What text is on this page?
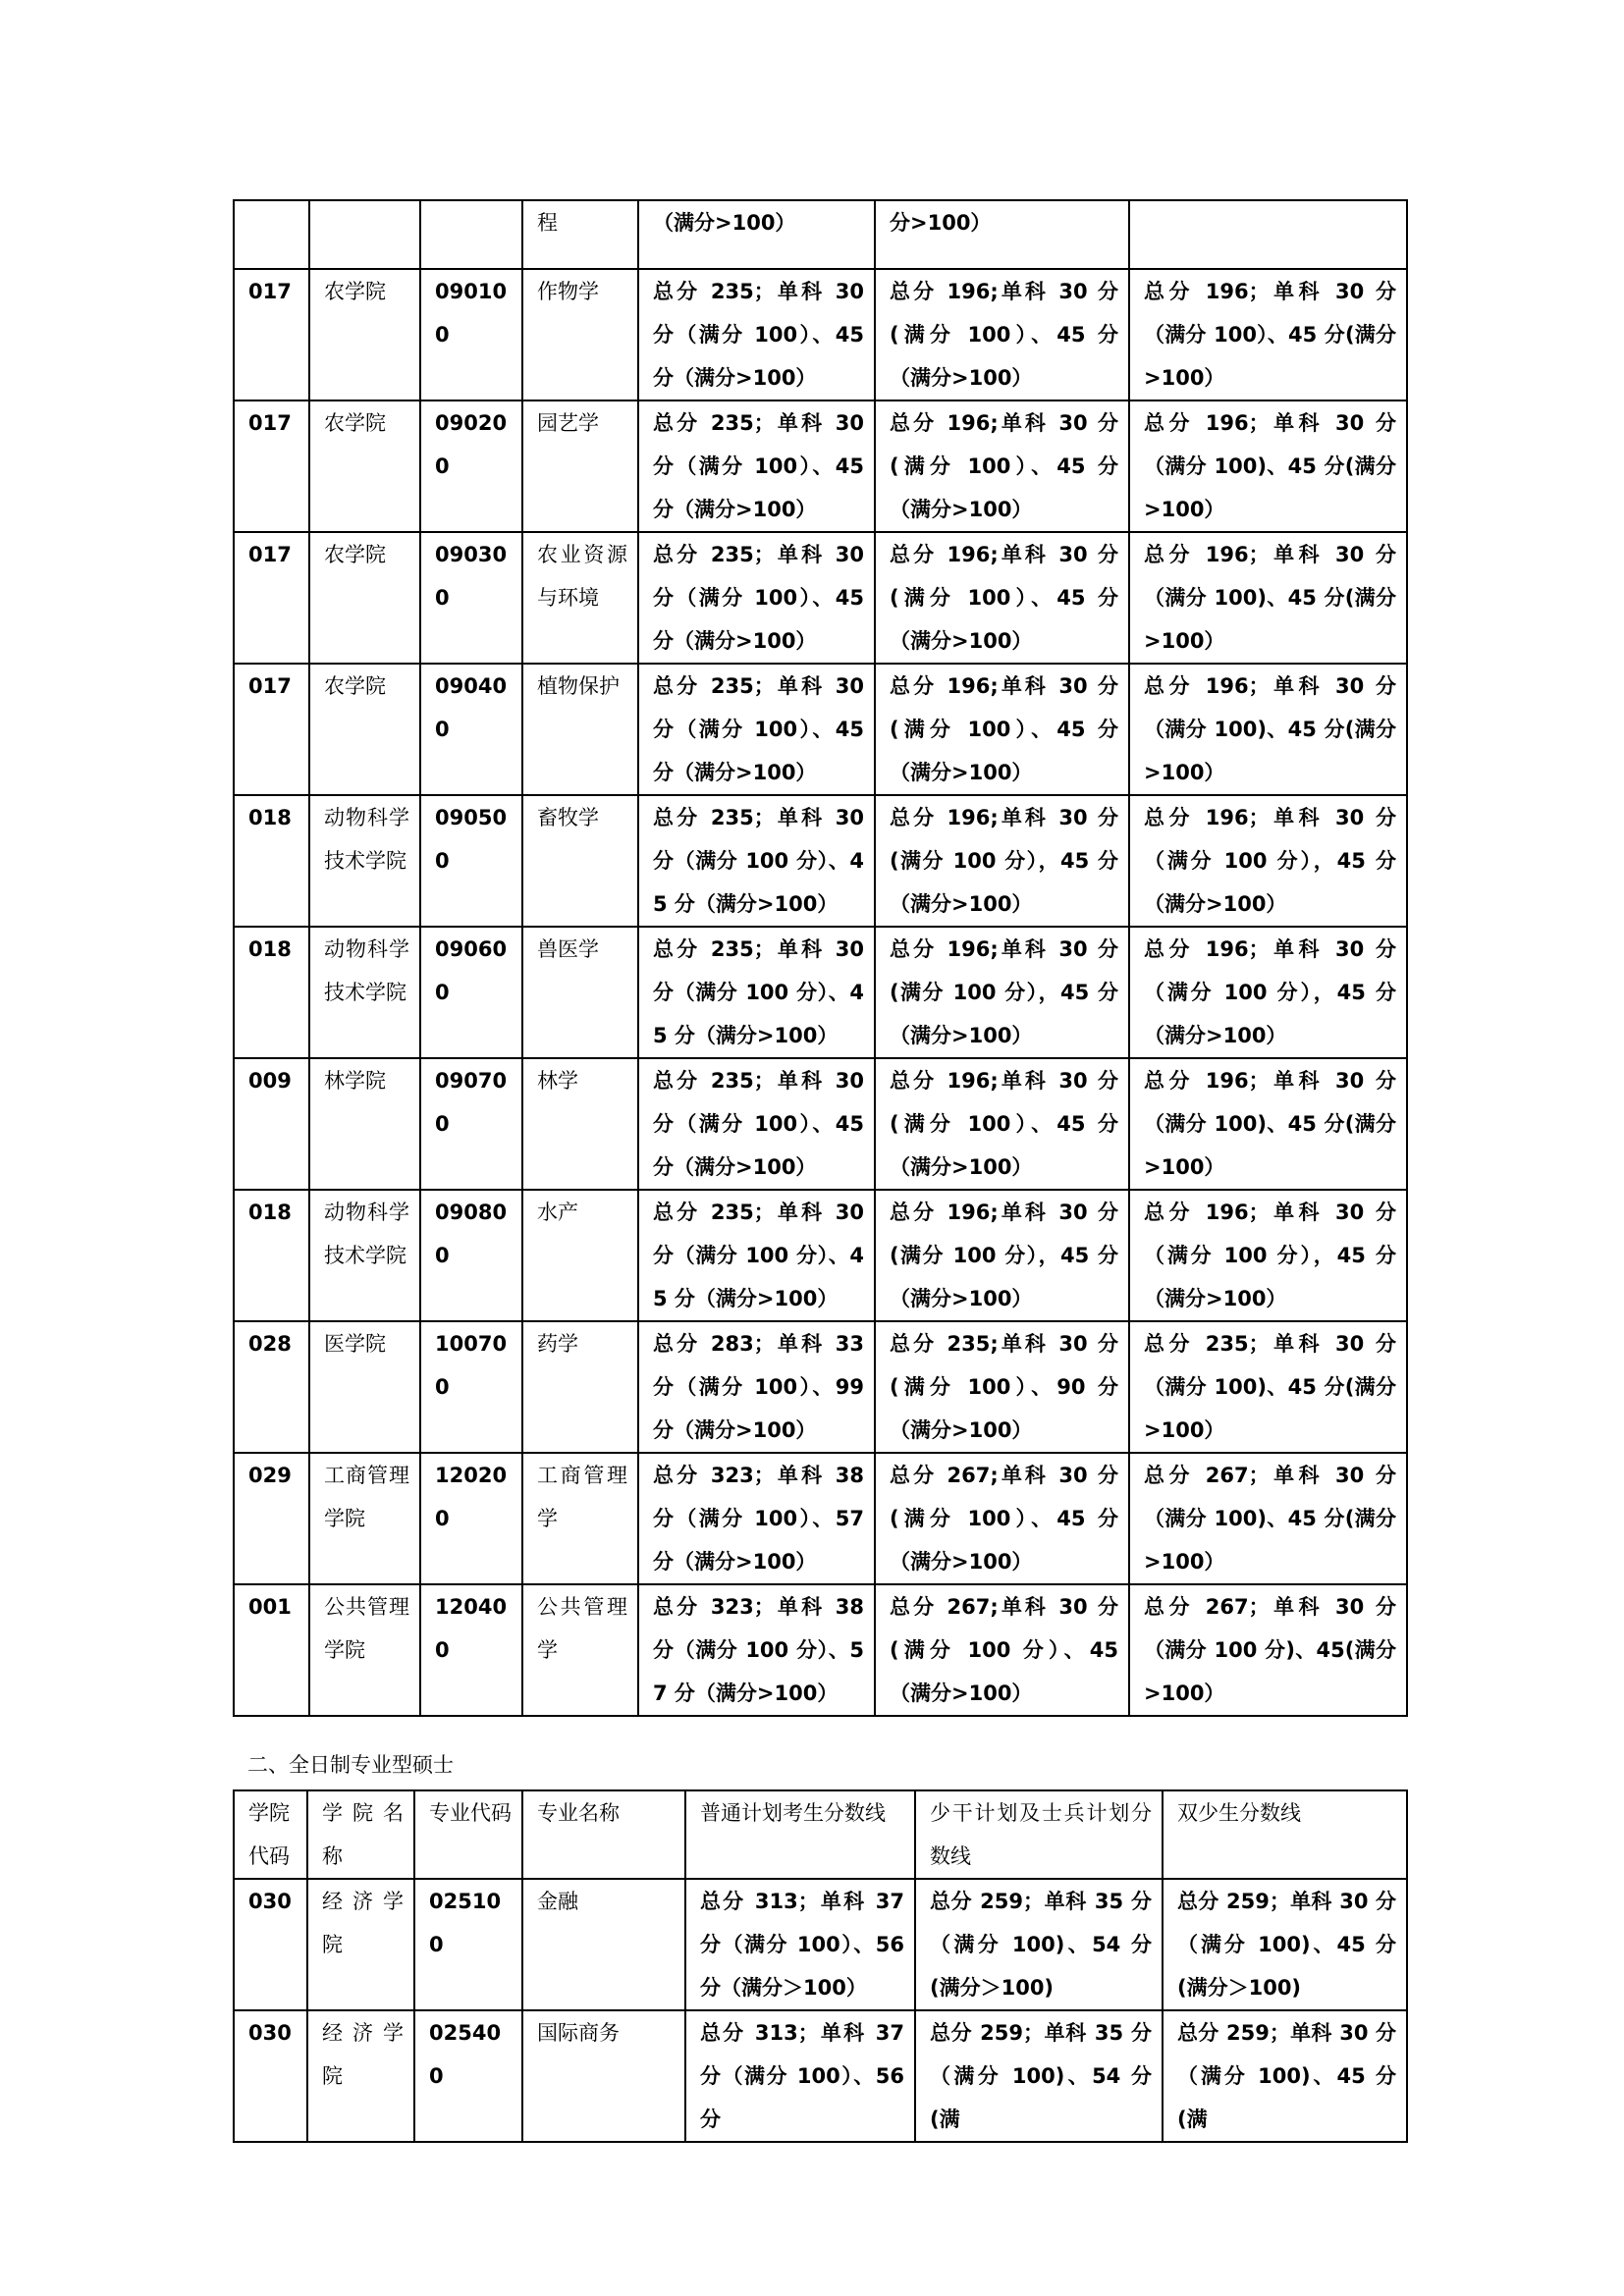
			程	（满分>100）	分>100）	
017	农学院	090100	作物学	总分 235；单科 30 分（满分 100）、45 分（满分>100）	总分 196;单科 30 分(满分 100）、45 分（满分>100）	总分 196；单科 30 分（满分 100）、45 分(满分>100）
017	农学院	090200	园艺学	总分 235；单科 30 分（满分 100）、45 分（满分>100）	总分 196;单科 30 分(满分 100）、45 分（满分>100）	总分 196；单科 30 分（满分 100)、45 分(满分>100）
017	农学院	090300	农业资源与环境	总分 235；单科 30 分（满分 100）、45 分（满分>100）	总分 196;单科 30 分(满分 100）、45 分（满分>100）	总分 196；单科 30 分（满分 100)、45 分(满分>100）
017	农学院	090400	植物保护	总分 235；单科 30 分（满分 100）、45 分（满分>100）	总分 196;单科 30 分(满分 100）、45 分（满分>100）	总分 196；单科 30 分（满分 100)、45 分(满分>100）
018	动物科学技术学院	090500	畜牧学	总分 235；单科 30 分（满分 100 分）、45 分（满分>100）	总分 196;单科 30 分(满分 100 分），45 分（满分>100）	总分 196；单科 30 分（满分 100 分），45 分（满分>100）
018	动物科学技术学院	090600	兽医学	总分 235；单科 30 分（满分 100 分）、45 分（满分>100）	总分 196;单科 30 分(满分 100 分），45 分（满分>100）	总分 196；单科 30 分（满分 100 分），45 分（满分>100）
009	林学院	090700	林学	总分 235；单科 30 分（满分 100）、45 分（满分>100）	总分 196;单科 30 分(满分 100）、45 分（满分>100）	总分 196；单科 30 分（满分 100)、45 分(满分>100）
018	动物科学技术学院	090800	水产	总分 235；单科 30 分（满分 100 分）、45 分（满分>100）	总分 196;单科 30 分(满分 100 分），45 分（满分>100）	总分 196；单科 30 分（满分 100 分），45 分（满分>100）
028	医学院	100700	药学	总分 283；单科 33 分（满分 100）、99 分（满分>100）	总分 235;单科 30 分(满分 100）、90 分（满分>100）	总分 235；单科 30 分（满分 100)、45 分(满分>100）
029	工商管理学院	120200	工商管理学	总分 323；单科 38 分（满分 100）、57 分（满分>100）	总分 267;单科 30 分(满分 100）、45 分（满分>100）	总分 267；单科 30 分（满分 100)、45 分(满分>100）
001	公共管理学院	120400	公共管理学	总分 323；单科 38 分（满分 100 分）、57 分（满分>100）	总分 267;单科 30 分(满分 100 分）、45（满分>100）	总分 267；单科 30 分（满分 100 分)、45(满分>100）
二、全日制专业型硕士
学院代码	学院名称	专业代码	专业名称	普通计划考生分数线	少干计划及士兵计划分数线	双少生分数线
030	经济学院	025100	金融	总分 313；单科 37 分（满分 100）、56 分（满分＞100）	总分 259；单科 35 分（满分 100)、54 分(满分＞100)	总分 259；单科 30 分（满分 100)、45 分(满分＞100)
030	经济学院	025400	国际商务	总分 313；单科 37 分（满分 100）、56 分	总分 259；单科 35 分（满分 100)、54 分(满	总分 259；单科 30 分（满分 100)、45 分(满
